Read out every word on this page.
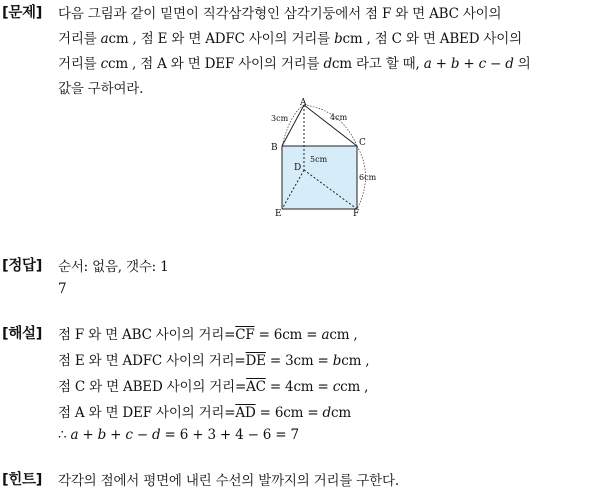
[문제] 다음 그림과 같이 밑면이 직각삼각형인 삼각기둥에서 점 F 와 면 ABC 사이의
거리를 acm , 점 E 와 면 ADFC 사이의 거리를 bcm , 점 C 와 면 ABED 사이의
거리를 ccm , 점 A 와 면 DEF 사이의 거리를 dcm 라고 할 때, a + b + c − d 의
값을 구하여라.
A
B	C
D
E	F
3cm	4cm
5cm
6cm
[정답] 순서: 없음, 갯수: 1
7
[해설] 점 F 와 면 ABC 사이의 거리$=\overline{CF} = 6cm$ = acm ,
점 E 와 면 ADFC 사이의 거리$=\overline{DE} = 3cm$ = bcm ,
점 C 와 면 ABED 사이의 거리$=\overline{AC} = 4cm$ = ccm ,
점 A 와 면 DEF 사이의 거리$=\overline{AD} = 6cm$ = dcm
∴ a + b + c − d = 6 + 3 + 4 − 6 = 7
[힌트] 각각의 점에서 평면에 내린 수선의 발까지의 거리를 구한다.
